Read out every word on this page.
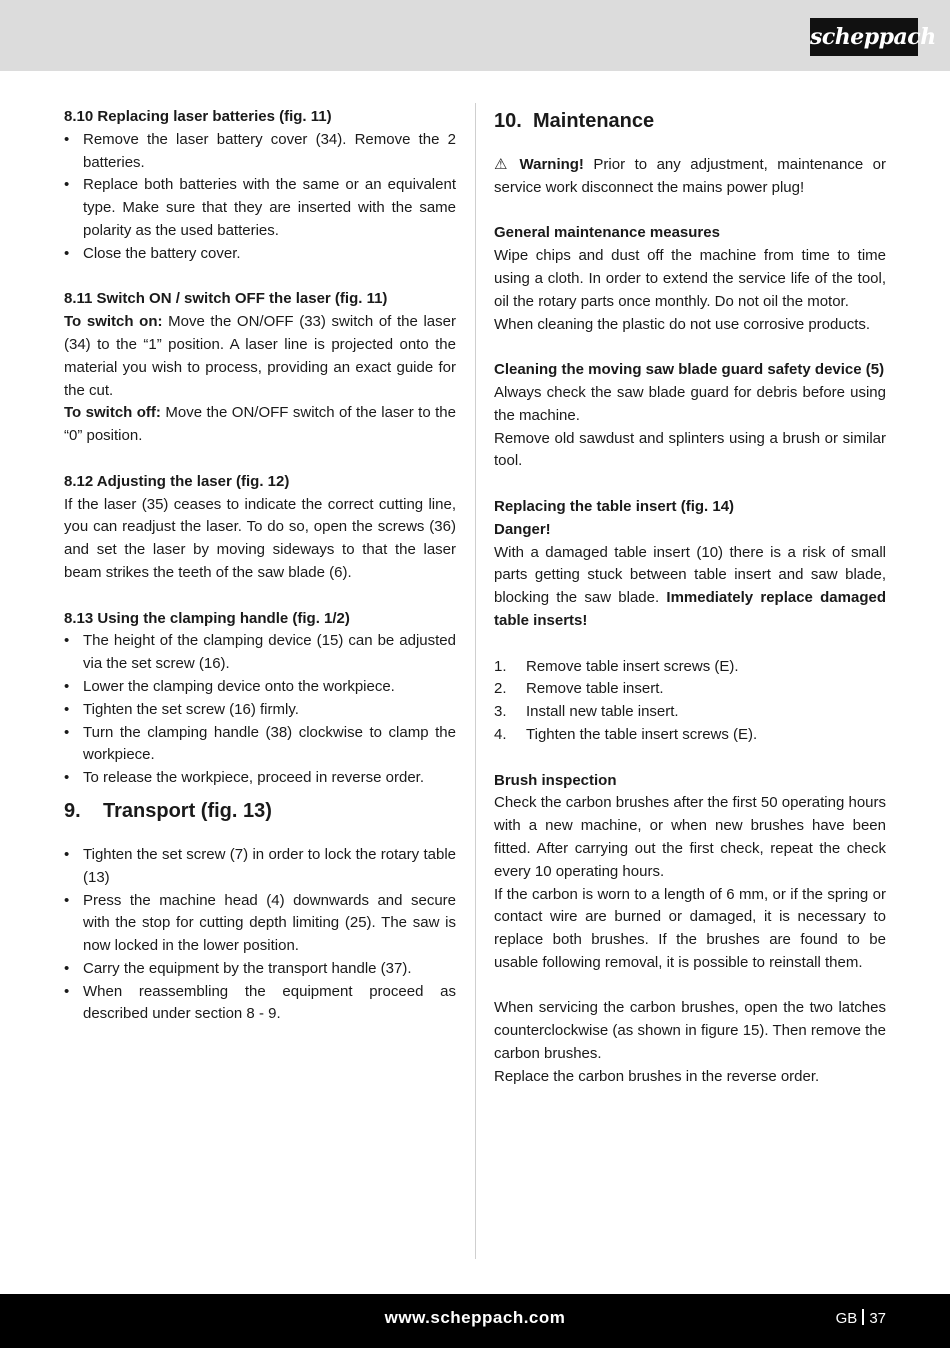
scheppach

8.10 Replacing laser batteries (fig. 11)

• Remove the laser battery cover (34). Remove the 2 batteries.
• Replace both batteries with the same or an equivalent type. Make sure that they are inserted with the same polarity as the used batteries.
• Close the battery cover.

8.11 Switch ON / switch OFF the laser (fig. 11)

To switch on: Move the ON/OFF (33) switch of the laser (34) to the “1” position. A laser line is projected onto the material you wish to process, providing an exact guide for the cut.

To switch off: Move the ON/OFF switch of the laser to the “0” position.

8.12 Adjusting the laser (fig. 12)

If the laser (35) ceases to indicate the correct cutting line, you can readjust the laser. To do so, open the screws (36) and set the laser by moving sideways to that the laser beam strikes the teeth of the saw blade (6).

8.13 Using the clamping handle (fig. 1/2)

• The height of the clamping device (15) can be adjusted via the set screw (16).
• Lower the clamping device onto the workpiece.
• Tighten the set screw (16) firmly.
• Turn the clamping handle (38) clockwise to clamp the workpiece.
• To release the workpiece, proceed in reverse order.
9.	Transport (fig. 13)
• Tighten the set screw (7) in order to lock the rotary table (13)
• Press the machine head (4) downwards and secure with the stop for cutting depth limiting (25). The saw is now locked in the lower position.
• Carry the equipment by the transport handle (37).
• When reassembling the equipment proceed as described under section 8 - 9.
10. Maintenance

⚠ Warning! Prior to any adjustment, maintenance or service work disconnect the mains power plug!

General maintenance measures

Wipe chips and dust off the machine from time to time using a cloth. In order to extend the service life of the tool, oil the rotary parts once monthly. Do not oil the motor.

When cleaning the plastic do not use corrosive products.

Cleaning the moving saw blade guard safety device (5)

Always check the saw blade guard for debris before using the machine.

Remove old sawdust and splinters using a brush or similar tool.

Replacing the table insert (fig. 14)

Danger!

With a damaged table insert (10) there is a risk of small parts getting stuck between table insert and saw blade, blocking the saw blade. Immediately replace damaged table inserts!

1.	Remove table insert screws (E).
2.	Remove table insert.
3.	Install new table insert.
4.	Tighten the table insert screws (E).

Brush inspection

Check the carbon brushes after the first 50 operating hours with a new machine, or when new brushes have been fitted. After carrying out the first check, repeat the check every 10 operating hours.

If the carbon is worn to a length of 6 mm, or if the spring or contact wire are burned or damaged, it is necessary to replace both brushes. If the brushes are found to be usable following removal, it is possible to reinstall them.

When servicing the carbon brushes, open the two latches counterclockwise (as shown in figure 15). Then remove the carbon brushes.

Replace the carbon brushes in the reverse order.

www.scheppach.com	GB 37
